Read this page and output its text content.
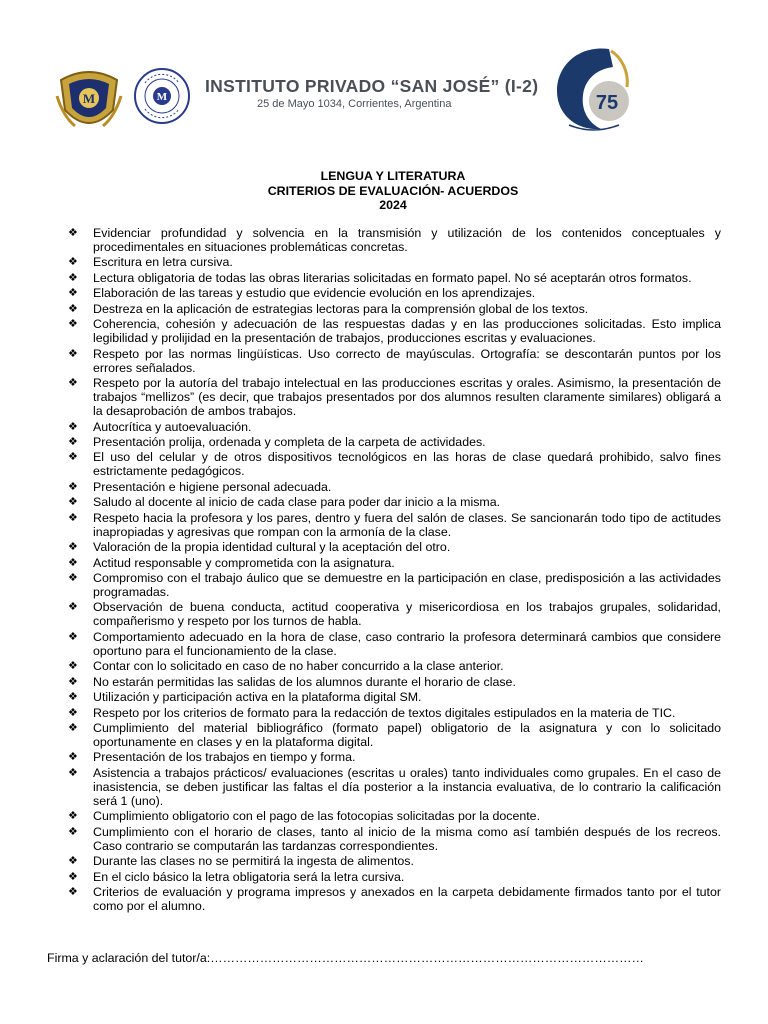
M	M
INSTITUTO PRIVADO “SAN JOSÉ” (I-2)
25 de Mayo 1034, Corrientes, Argentina	75
LENGUA Y LITERATURA
CRITERIOS DE EVALUACIÓN- ACUERDOS
2024
❖ Evidenciar profundidad y solvencia en la transmisión y utilización de los contenidos conceptuales y procedimentales en situaciones problemáticas concretas.
❖ Escritura en letra cursiva.
❖ Lectura obligatoria de todas las obras literarias solicitadas en formato papel. No sé aceptarán otros formatos.
❖ Elaboración de las tareas y estudio que evidencie evolución en los aprendizajes.
❖ Destreza en la aplicación de estrategias lectoras para la comprensión global de los textos.
❖ Coherencia, cohesión y adecuación de las respuestas dadas y en las producciones solicitadas. Esto implica legibilidad y prolijidad en la presentación de trabajos, producciones escritas y evaluaciones.
❖ Respeto por las normas lingüísticas. Uso correcto de mayúsculas. Ortografía: se descontarán puntos por los errores señalados.
❖ Respeto por la autoría del trabajo intelectual en las producciones escritas y orales. Asimismo, la presentación de trabajos “mellizos” (es decir, que trabajos presentados por dos alumnos resulten claramente similares) obligará a la desaprobación de ambos trabajos.
❖ Autocrítica y autoevaluación.
❖ Presentación prolija, ordenada y completa de la carpeta de actividades.
❖ El uso del celular y de otros dispositivos tecnológicos en las horas de clase quedará prohibido, salvo fines estrictamente pedagógicos.
❖ Presentación e higiene personal adecuada.
❖ Saludo al docente al inicio de cada clase para poder dar inicio a la misma.
❖ Respeto hacia la profesora y los pares, dentro y fuera del salón de clases. Se sancionarán todo tipo de actitudes inapropiadas y agresivas que rompan con la armonía de la clase.
❖ Valoración de la propia identidad cultural y la aceptación del otro.
❖ Actitud responsable y comprometida con la asignatura.
❖ Compromiso con el trabajo áulico que se demuestre en la participación en clase, predisposición a las actividades programadas.
❖ Observación de buena conducta, actitud cooperativa y misericordiosa en los trabajos grupales, solidaridad, compañerismo y respeto por los turnos de habla.
❖ Comportamiento adecuado en la hora de clase, caso contrario la profesora determinará cambios que considere oportuno para el funcionamiento de la clase.
❖ Contar con lo solicitado en caso de no haber concurrido a la clase anterior.
❖ No estarán permitidas las salidas de los alumnos durante el horario de clase.
❖ Utilización y participación activa en la plataforma digital SM.
❖ Respeto por los criterios de formato para la redacción de textos digitales estipulados en la materia de TIC.
❖ Cumplimiento del material bibliográfico (formato papel) obligatorio de la asignatura y con lo solicitado oportunamente en clases y en la plataforma digital.
❖ Presentación de los trabajos en tiempo y forma.
❖ Asistencia a trabajos prácticos/ evaluaciones (escritas u orales) tanto individuales como grupales. En el caso de inasistencia, se deben justificar las faltas el día posterior a la instancia evaluativa, de lo contrario la calificación será 1 (uno).
❖ Cumplimiento obligatorio con el pago de las fotocopias solicitadas por la docente.
❖ Cumplimiento con el horario de clases, tanto al inicio de la misma como así también después de los recreos. Caso contrario se computarán las tardanzas correspondientes.
❖ Durante las clases no se permitirá la ingesta de alimentos.
❖ En el ciclo básico la letra obligatoria será la letra cursiva.
❖ Criterios de evaluación y programa impresos y anexados en la carpeta debidamente firmados tanto por el tutor como por el alumno.
Firma y aclaración del tutor/a:……………………………………………………………………………………………
